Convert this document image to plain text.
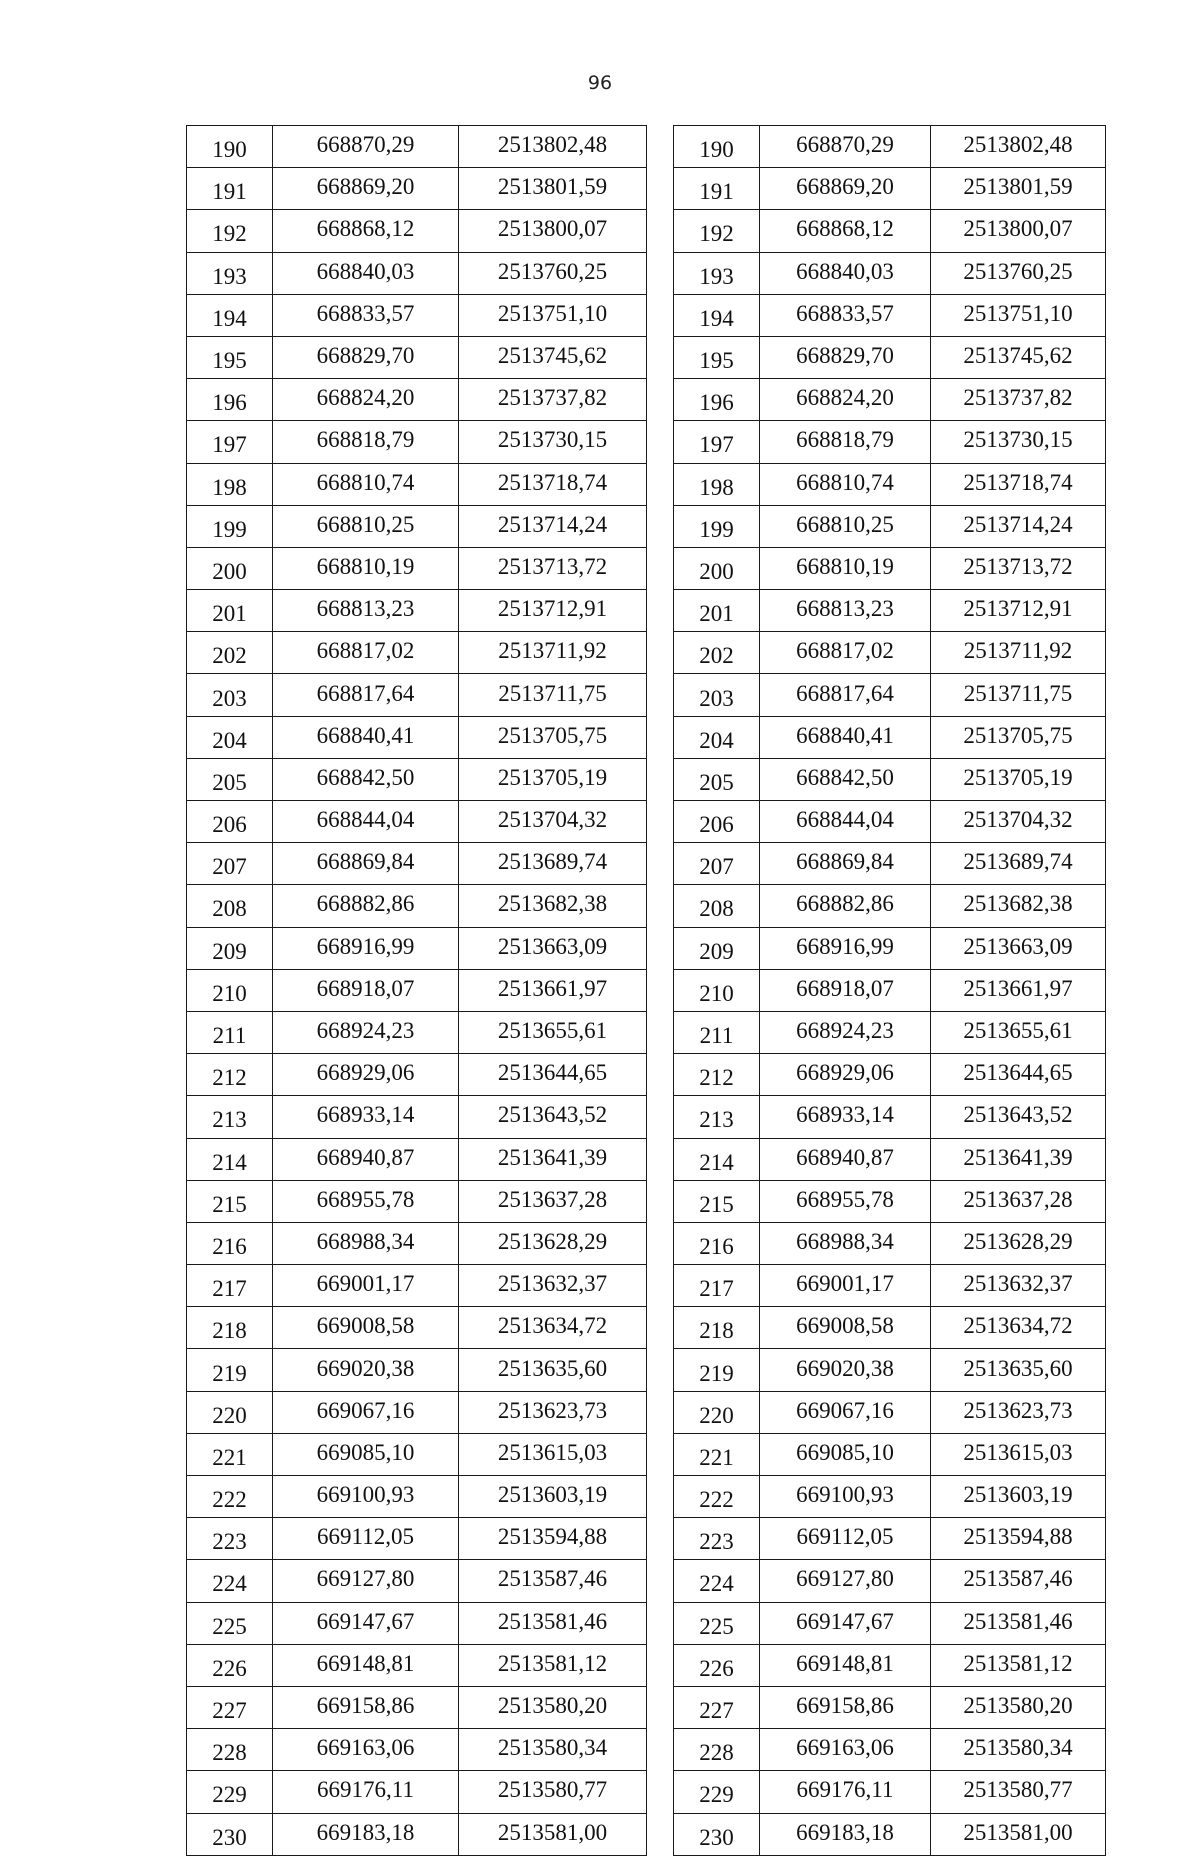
96
190	668870,29	2513802,48
191	668869,20	2513801,59
192	668868,12	2513800,07
193	668840,03	2513760,25
194	668833,57	2513751,10
195	668829,70	2513745,62
196	668824,20	2513737,82
197	668818,79	2513730,15
198	668810,74	2513718,74
199	668810,25	2513714,24
200	668810,19	2513713,72
201	668813,23	2513712,91
202	668817,02	2513711,92
203	668817,64	2513711,75
204	668840,41	2513705,75
205	668842,50	2513705,19
206	668844,04	2513704,32
207	668869,84	2513689,74
208	668882,86	2513682,38
209	668916,99	2513663,09
210	668918,07	2513661,97
211	668924,23	2513655,61
212	668929,06	2513644,65
213	668933,14	2513643,52
214	668940,87	2513641,39
215	668955,78	2513637,28
216	668988,34	2513628,29
217	669001,17	2513632,37
218	669008,58	2513634,72
219	669020,38	2513635,60
220	669067,16	2513623,73
221	669085,10	2513615,03
222	669100,93	2513603,19
223	669112,05	2513594,88
224	669127,80	2513587,46
225	669147,67	2513581,46
226	669148,81	2513581,12
227	669158,86	2513580,20
228	669163,06	2513580,34
229	669176,11	2513580,77
230	669183,18	2513581,00
190	668870,29	2513802,48
191	668869,20	2513801,59
192	668868,12	2513800,07
193	668840,03	2513760,25
194	668833,57	2513751,10
195	668829,70	2513745,62
196	668824,20	2513737,82
197	668818,79	2513730,15
198	668810,74	2513718,74
199	668810,25	2513714,24
200	668810,19	2513713,72
201	668813,23	2513712,91
202	668817,02	2513711,92
203	668817,64	2513711,75
204	668840,41	2513705,75
205	668842,50	2513705,19
206	668844,04	2513704,32
207	668869,84	2513689,74
208	668882,86	2513682,38
209	668916,99	2513663,09
210	668918,07	2513661,97
211	668924,23	2513655,61
212	668929,06	2513644,65
213	668933,14	2513643,52
214	668940,87	2513641,39
215	668955,78	2513637,28
216	668988,34	2513628,29
217	669001,17	2513632,37
218	669008,58	2513634,72
219	669020,38	2513635,60
220	669067,16	2513623,73
221	669085,10	2513615,03
222	669100,93	2513603,19
223	669112,05	2513594,88
224	669127,80	2513587,46
225	669147,67	2513581,46
226	669148,81	2513581,12
227	669158,86	2513580,20
228	669163,06	2513580,34
229	669176,11	2513580,77
230	669183,18	2513581,00
